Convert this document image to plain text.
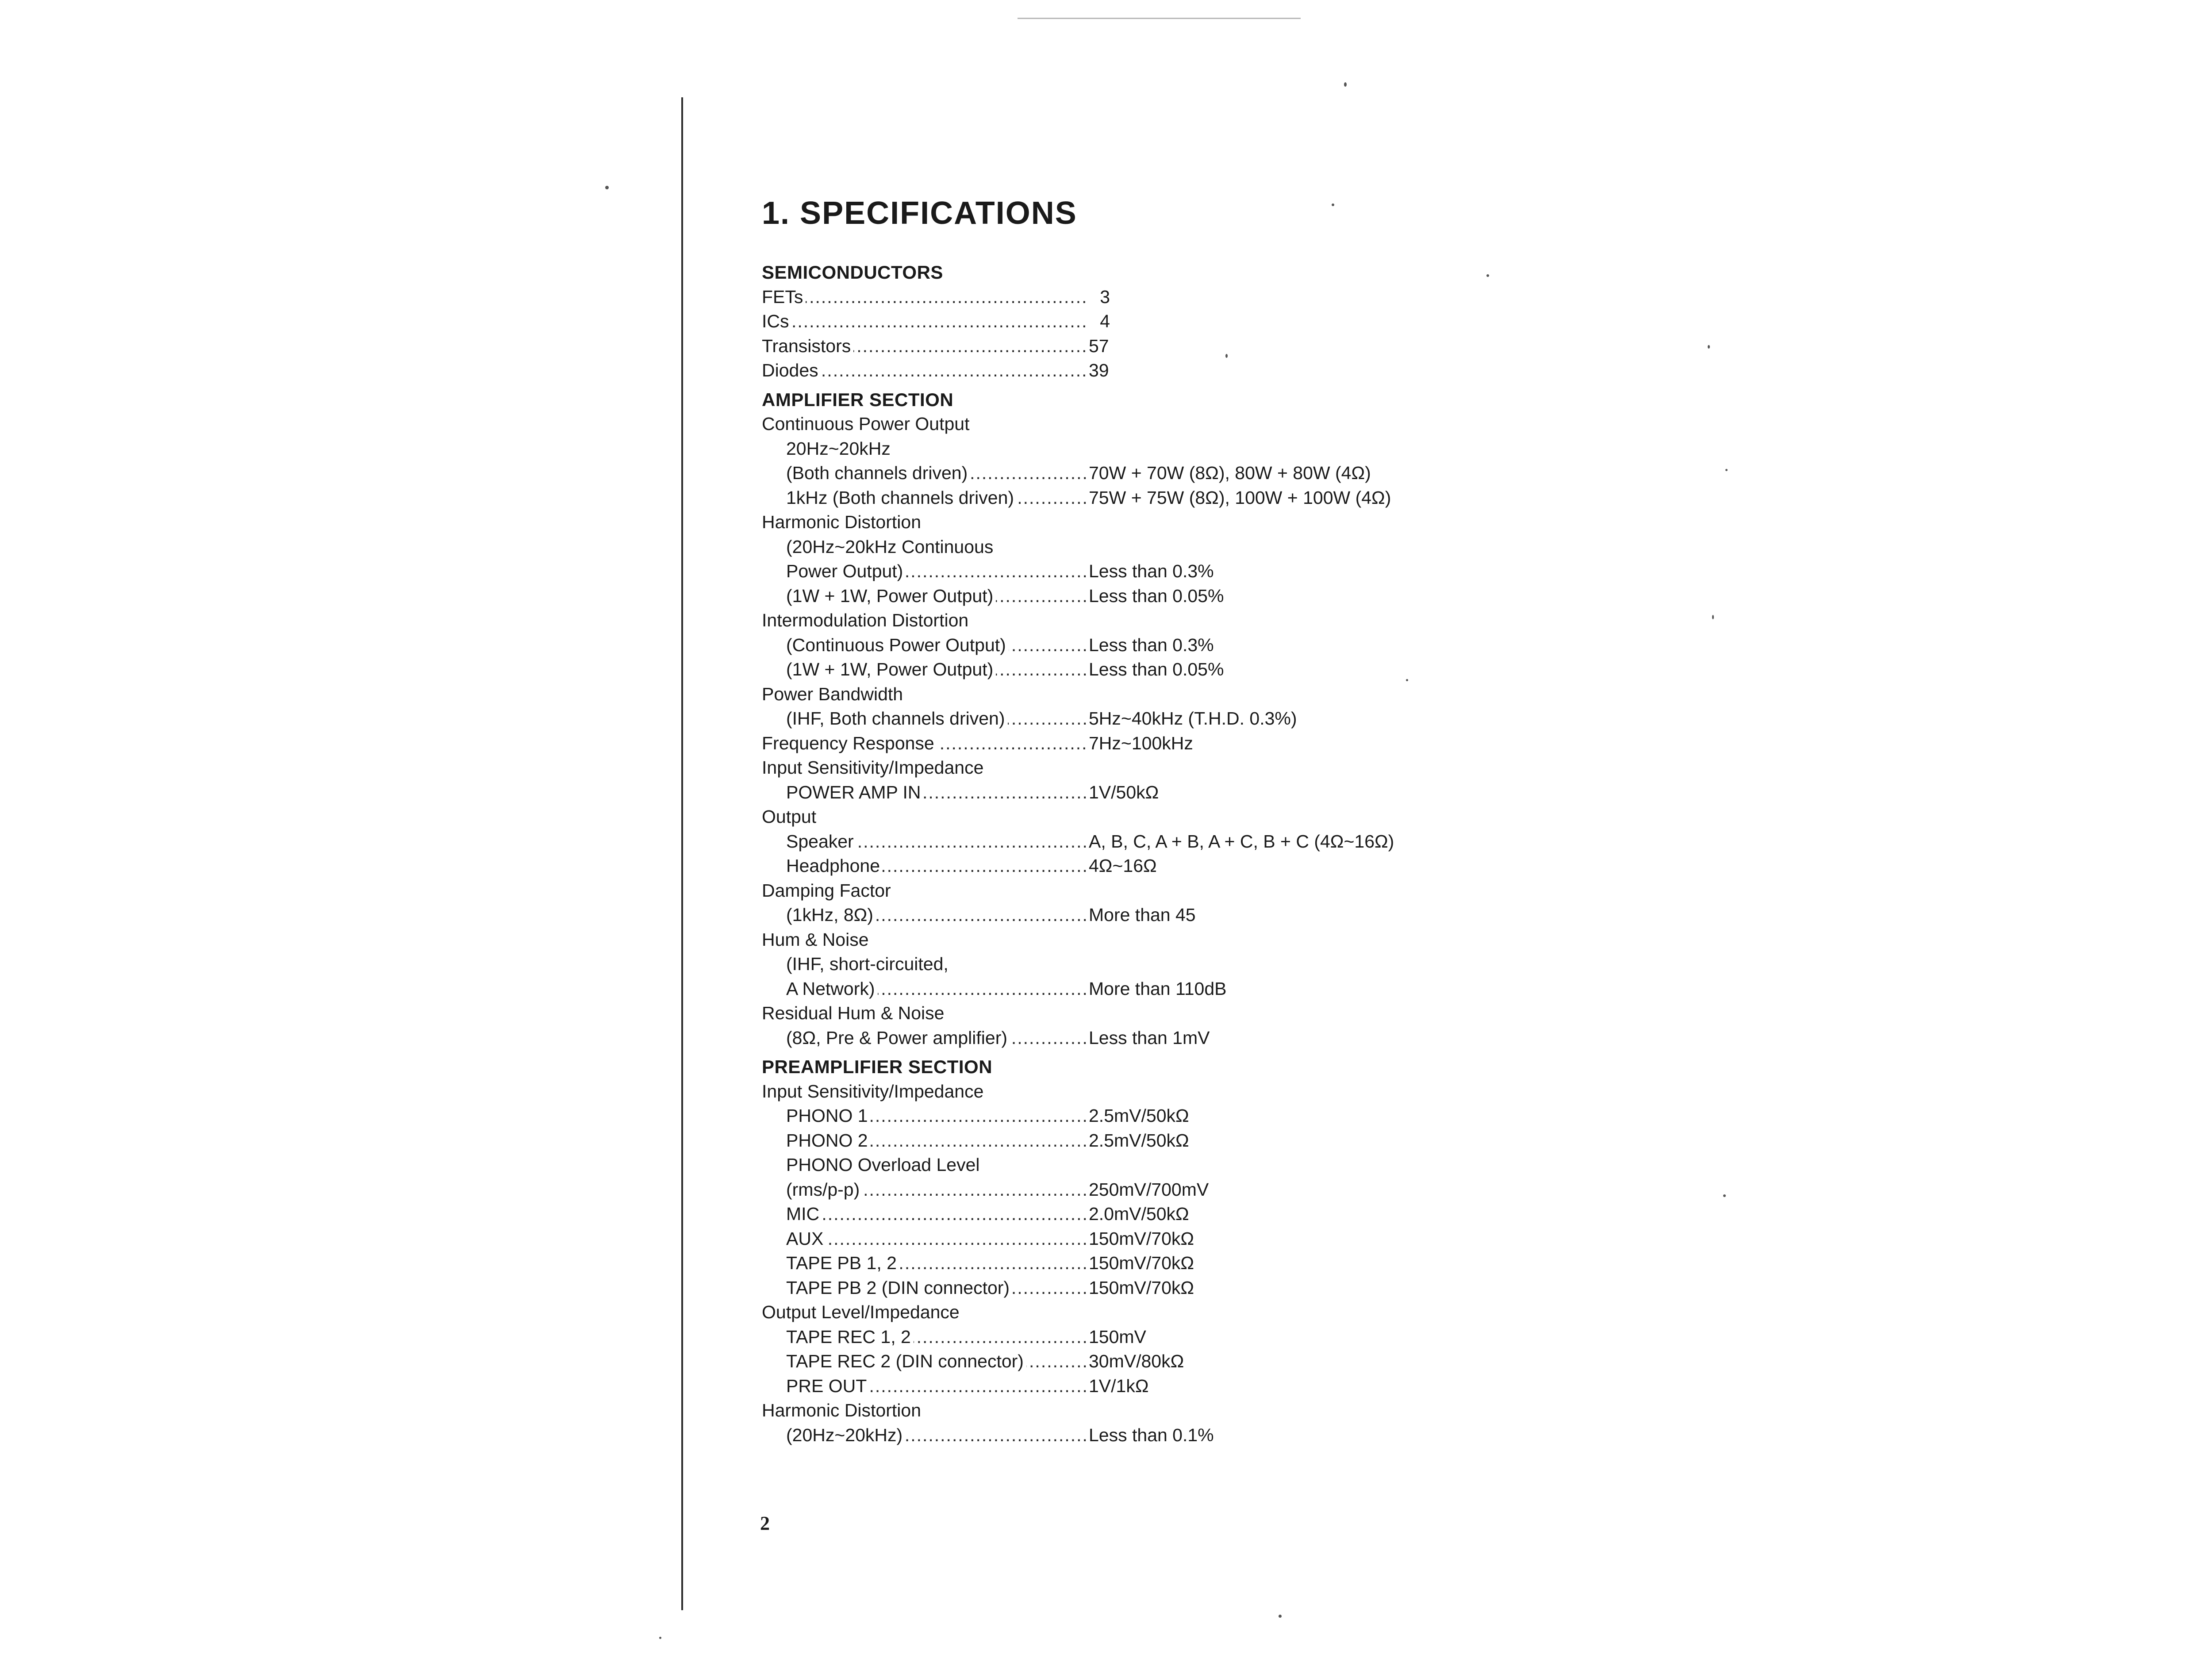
1. SPECIFICATIONS
SEMICONDUCTORS
FETs .....	3
ICs .....	4
Transistors .....	57
Diodes .....	39
AMPLIFIER SECTION
Continuous Power Output
20Hz~20kHz
(Both channels driven) .....	70W + 70W (8Ω), 80W + 80W (4Ω)
1kHz (Both channels driven) .....	75W + 75W (8Ω), 100W + 100W (4Ω)
Harmonic Distortion
(20Hz~20kHz Continuous
Power Output) .....	Less than 0.3%
(1W + 1W, Power Output) .....	Less than 0.05%
Intermodulation Distortion
(Continuous Power Output) .....	Less than 0.3%
(1W + 1W, Power Output) .....	Less than 0.05%
Power Bandwidth
(IHF, Both channels driven) .....	5Hz~40kHz (T.H.D. 0.3%)
Frequency Response .....	7Hz~100kHz
Input Sensitivity/Impedance
POWER AMP IN .....	1V/50kΩ
Output
Speaker .....	A, B, C, A + B, A + C, B + C (4Ω~16Ω)
Headphone .....	4Ω~16Ω
Damping Factor
(1kHz, 8Ω) .....	More than 45
Hum & Noise
(IHF, short-circuited,
A Network) .....	More than 110dB
Residual Hum & Noise
(8Ω, Pre & Power amplifier) .....	Less than 1mV
PREAMPLIFIER SECTION
Input Sensitivity/Impedance
PHONO 1 .....	2.5mV/50kΩ
PHONO 2 .....	2.5mV/50kΩ
PHONO Overload Level
(rms/p-p) .....	250mV/700mV
MIC .....	2.0mV/50kΩ
AUX .....	150mV/70kΩ
TAPE PB 1, 2 .....	150mV/70kΩ
TAPE PB 2 (DIN connector) .....	150mV/70kΩ
Output Level/Impedance
TAPE REC 1, 2 .....	150mV
TAPE REC 2 (DIN connector) .....	30mV/80kΩ
PRE OUT .....	1V/1kΩ
Harmonic Distortion
(20Hz~20kHz) .....	Less than 0.1%
2
